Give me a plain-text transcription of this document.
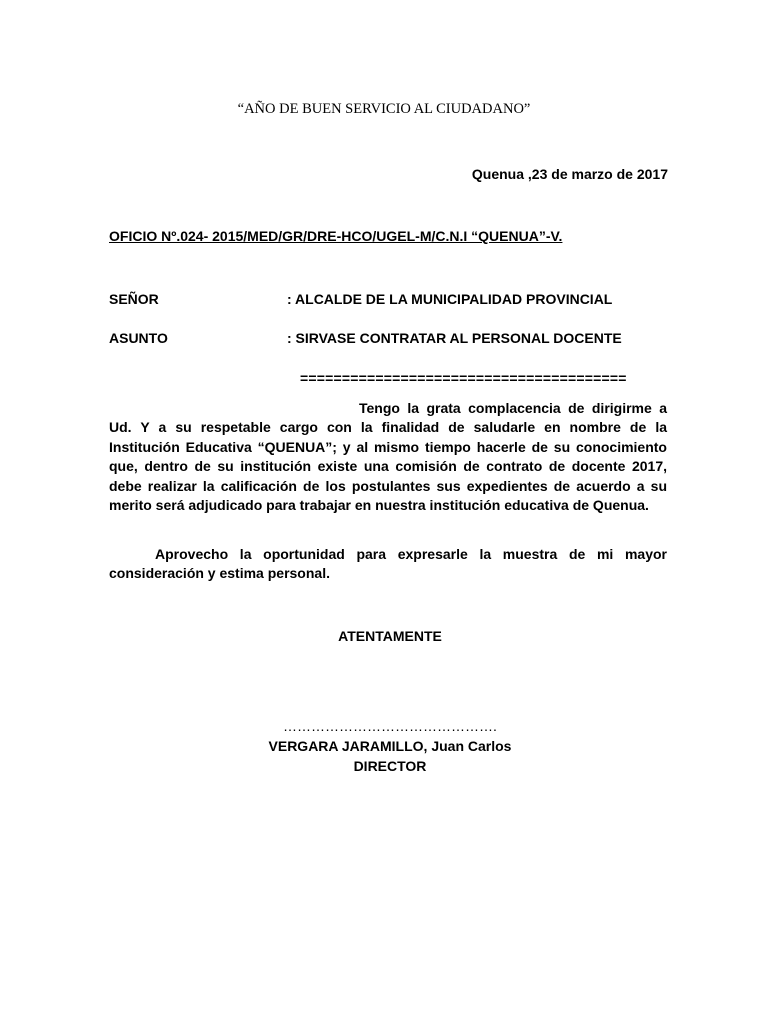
“AÑO DE BUEN SERVICIO AL CIUDADANO”
Quenua ,23 de marzo de 2017
OFICIO Nº.024- 2015/MED/GR/DRE-HCO/UGEL-M/C.N.I “QUENUA”-V.
SEÑOR	: ALCALDE DE LA MUNICIPALIDAD PROVINCIAL
ASUNTO	: SIRVASE CONTRATAR AL PERSONAL DOCENTE
=======================================
Tengo la grata complacencia de dirigirme a Ud. Y a su respetable cargo con la finalidad de saludarle en nombre de la Institución Educativa “QUENUA”; y al mismo tiempo hacerle de su conocimiento que, dentro de su institución existe una comisión de contrato de docente 2017, debe realizar la calificación de los postulantes sus expedientes de acuerdo a su merito será adjudicado para trabajar en nuestra institución educativa de Quenua.
Aprovecho la oportunidad para expresarle la muestra de mi mayor consideración y estima personal.
ATENTAMENTE
……………………………………….
VERGARA JARAMILLO, Juan Carlos
DIRECTOR
